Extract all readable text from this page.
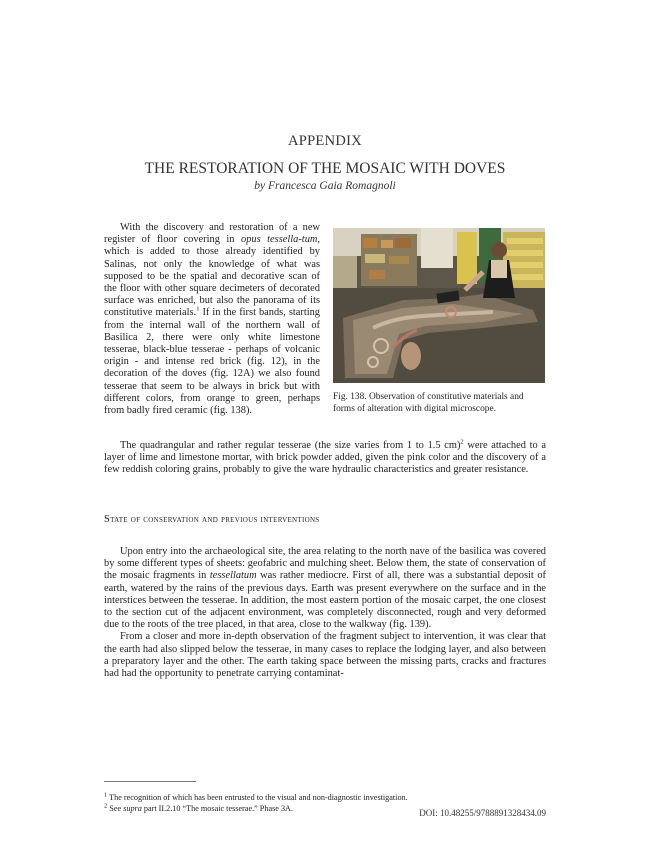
APPENDIX
THE RESTORATION OF THE MOSAIC WITH DOVES
by Francesca Gaia Romagnoli

With the discovery and restoration of a new register of floor covering in opus tessella-tum, which is added to those already identified by Salinas, not only the knowledge of what was supposed to be the spatial and decorative scan of the floor with other square decimeters of decorated surface was enriched, but also the panorama of its constitutive materials.$^1$ If in the first bands, starting from the internal wall of the northern wall of Basilica 2, there were only white limestone tesserae, black-blue tesserae - perhaps of volcanic origin - and intense red brick (fig. 12), in the decoration of the doves (fig. 12A) we also found tesserae that seem to be always in brick but with different colors, from orange to green, perhaps from badly fired ceramic (fig. 138).

Fig. 138. Observation of constitutive materials and forms of alteration with digital microscope.

The quadrangular and rather regular tesserae (the size varies from 1 to 1.5 cm)$^2$ were attached to a layer of lime and limestone mortar, with brick powder added, given the pink color and the discovery of a few reddish coloring grains, probably to give the ware hydraulic characteristics and greater resistance.

State of conservation and previous interventions

Upon entry into the archaeological site, the area relating to the north nave of the basilica was covered by some different types of sheets: geofabric and mulching sheet. Below them, the state of conservation of the mosaic fragments in tessellatum was rather mediocre. First of all, there was a substantial deposit of earth, watered by the rains of the previous days. Earth was present everywhere on the surface and in the interstices between the tesserae. In addition, the most eastern portion of the mosaic carpet, the one closest to the section cut of the adjacent environment, was completely disconnected, rough and very deformed due to the roots of the tree placed, in that area, close to the walkway (fig. 139).

From a closer and more in-depth observation of the fragment subject to intervention, it was clear that the earth had also slipped below the tesserae, in many cases to replace the lodging layer, and also between a preparatory layer and the other. The earth taking space between the missing parts, cracks and fractures had had the opportunity to penetrate carrying contaminat-

$^1$ The recognition of which has been entrusted to the visual and non-diagnostic investigation.
$^2$ See supra part II.2.10 “The mosaic tesserae.” Phase 3A.	DOI: 10.48255/9788891328434.09
